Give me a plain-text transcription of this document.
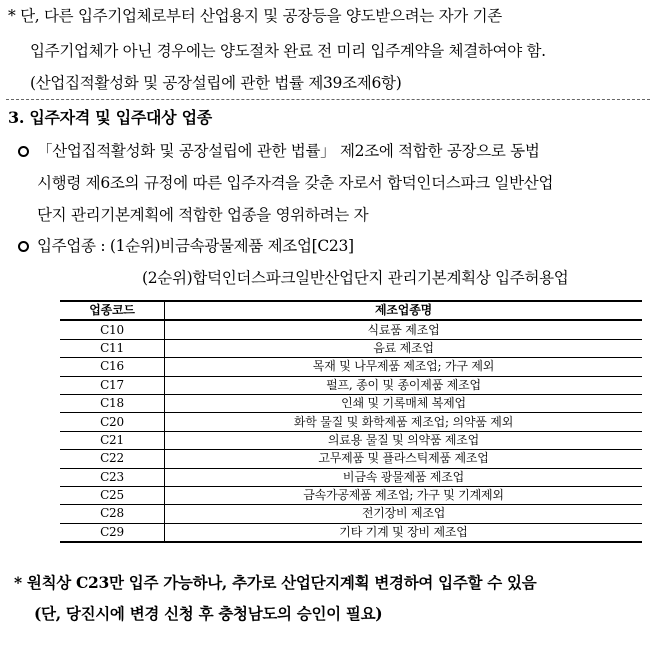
* 단, 다른 입주기업체로부터 산업용지 및 공장등을 양도받으려는 자가 기존
입주기업체가 아닌 경우에는 양도절차 완료 전 미리 입주계약을 체결하여야 함.
(산업집적활성화 및 공장설립에 관한 법률 제39조제6항)
3. 입주자격 및 입주대상 업종
「산업집적활성화 및 공장설립에 관한 법률」 제2조에 적합한 공장으로 동법
시행령 제6조의 규정에 따른 입주자격을 갖춘 자로서 합덕인더스파크 일반산업
단지 관리기본계획에 적합한 업종을 영위하려는 자
입주업종 : (1순위)비금속광물제품 제조업[C23]
(2순위)합덕인더스파크일반산업단지 관리기본계획상 입주허용업
업종코드	제조업종명
C10	식료품 제조업
C11	음료 제조업
C16	목재 및 나무제품 제조업; 가구 제외
C17	펄프, 종이 및 종이제품 제조업
C18	인쇄 및 기록매체 복제업
C20	화학 물질 및 화학제품 제조업; 의약품 제외
C21	의료용 물질 및 의약품 제조업
C22	고무제품 및 플라스틱제품 제조업
C23	비금속 광물제품 제조업
C25	금속가공제품 제조업; 가구 및 기계제외
C28	전기장비 제조업
C29	기타 기계 및 장비 제조업
* 원칙상 C23만 입주 가능하나, 추가로 산업단지계획 변경하여 입주할 수 있음
(단, 당진시에 변경 신청 후 충청남도의 승인이 필요)
